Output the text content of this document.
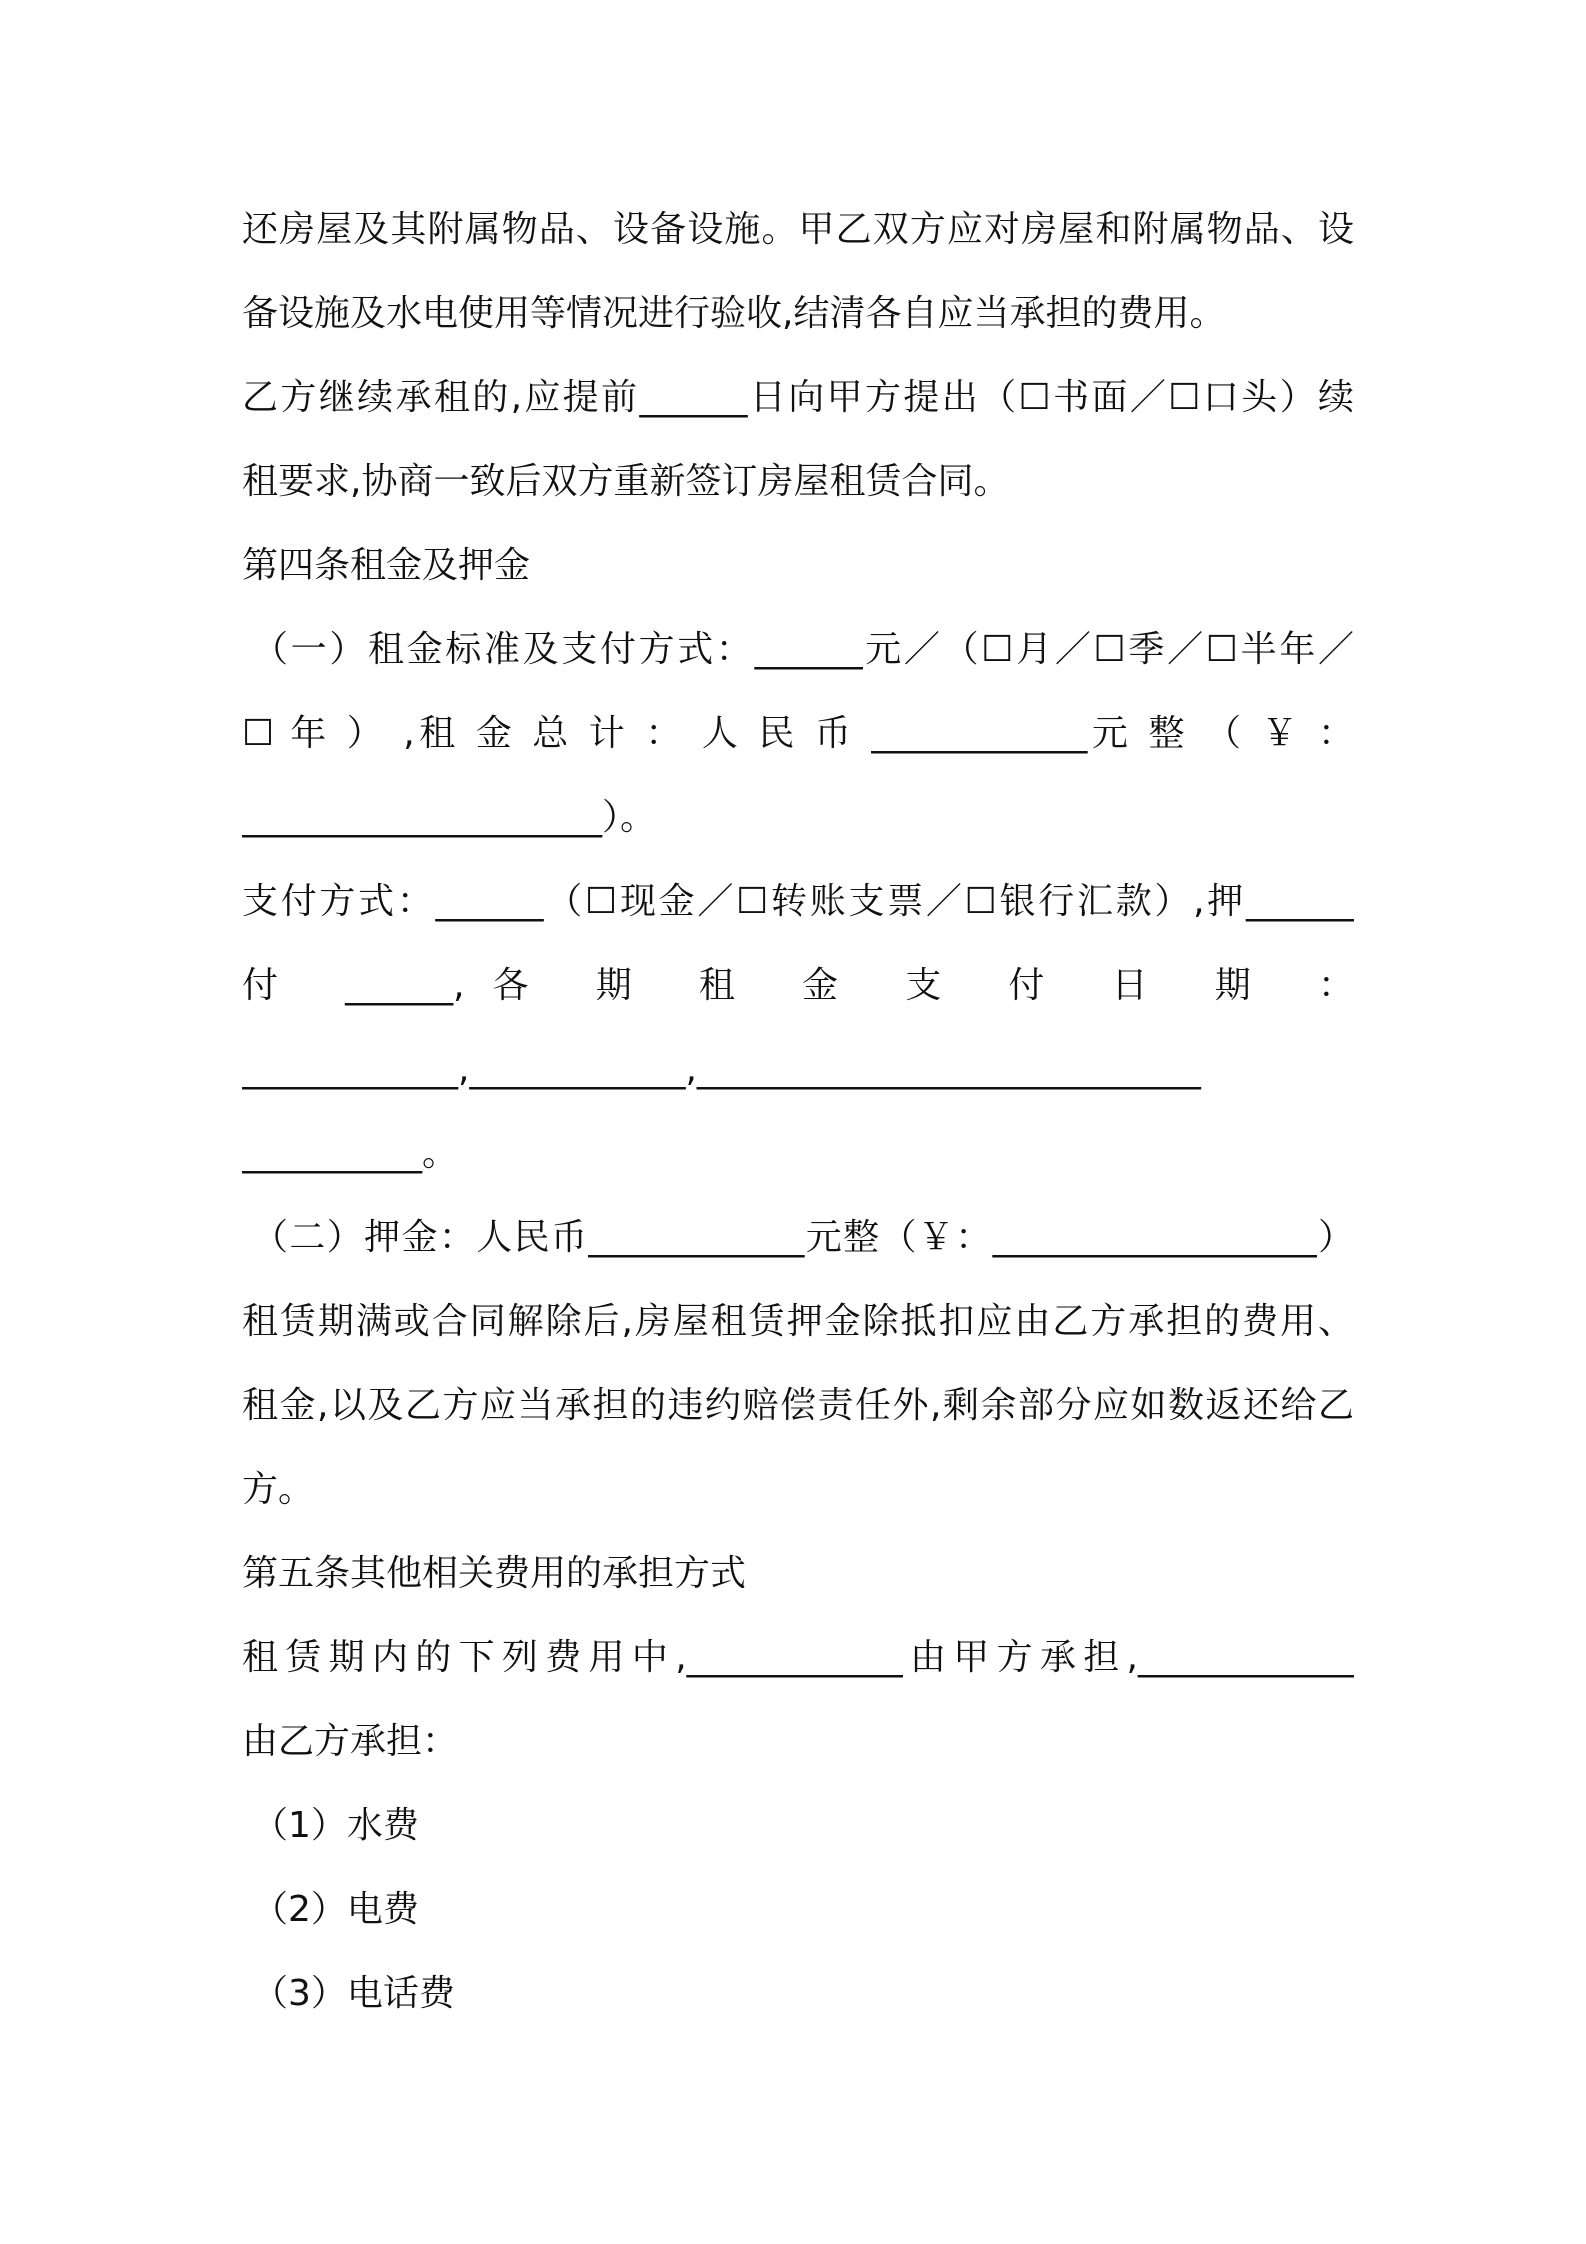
还房屋及其附属物品、设备设施。甲乙双方应对房屋和附属物品、设
备设施及水电使用等情况进行验收,结清各自应当承担的费用。
乙方继续承租的,应提前______日向甲方提出（☐书面／☐口头）续
租要求,协商一致后双方重新签订房屋租赁合同。
第四条租金及押金
（一）租金标准及支付方式：______元／（☐月／☐季／☐半年／
☐ 年 ） ,租 金 总 计 ： 人 民 币 ____________元 整 （ ￥ ：
____________________）。
支付方式：______（☐现金／☐转账支票／☐银行汇款）,押______
付 ______,各 期 租 金 支 付 日 期 ：
____________,____________,____________________________
__________。
（二）押金：人民币____________元整（￥：__________________）
租赁期满或合同解除后,房屋租赁押金除抵扣应由乙方承担的费用、
租金,以及乙方应当承担的违约赔偿责任外,剩余部分应如数返还给乙
方。
第五条其他相关费用的承担方式
租赁期内的下列费用中,____________由甲方承担,____________
由乙方承担：
（1）水费
（2）电费
（3）电话费
